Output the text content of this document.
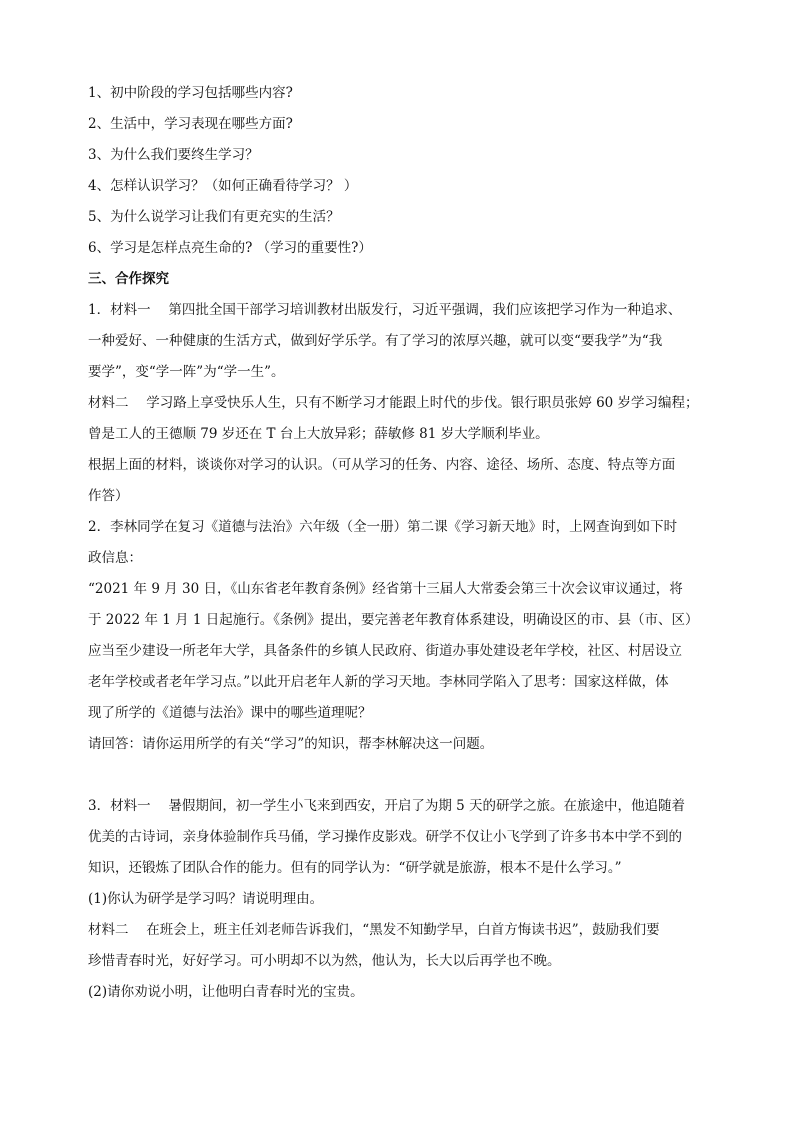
1、初中阶段的学习包括哪些内容?
2、生活中，学习表现在哪些方面?
3、为什么我们要终生学习？
4、怎样认识学习？（如何正确看待学习？ ）
5、为什么说学习让我们有更充实的生活？
6、学习是怎样点亮生命的? （学习的重要性?）
三、合作探究
1．材料一　 第四批全国干部学习培训教材出版发行，习近平强调，我们应该把学习作为一种追求、
一种爱好、一种健康的生活方式，做到好学乐学。有了学习的浓厚兴趣，就可以变“要我学”为“我
要学”，变“学一阵”为“学一生”。
材料二　 学习路上享受快乐人生，只有不断学习才能跟上时代的步伐。银行职员张婷 60 岁学习编程；
曾是工人的王德顺 79 岁还在 T 台上大放异彩；薛敏修 81 岁大学顺利毕业。
根据上面的材料，谈谈你对学习的认识。（可从学习的任务、内容、途径、场所、态度、特点等方面
作答）
2．李林同学在复习《道德与法治》六年级（全一册）第二课《学习新天地》时，上网查询到如下时
政信息：
“2021 年 9 月 30 日，《山东省老年教育条例》经省第十三届人大常委会第三十次会议审议通过，将
于 2022 年 1 月 1 日起施行。《条例》提出，要完善老年教育体系建设，明确设区的市、县（市、区）
应当至少建设一所老年大学，具备条件的乡镇人民政府、街道办事处建设老年学校，社区、村居设立
老年学校或者老年学习点。”以此开启老年人新的学习天地。李林同学陷入了思考：国家这样做，体
现了所学的《道德与法治》课中的哪些道理呢？
请回答：请你运用所学的有关“学习”的知识，帮李林解决这一问题。
3．材料一　 暑假期间，初一学生小飞来到西安，开启了为期 5 天的研学之旅。在旅途中，他追随着
优美的古诗词，亲身体验制作兵马俑，学习操作皮影戏。研学不仅让小飞学到了许多书本中学不到的
知识，还锻炼了团队合作的能力。但有的同学认为：“研学就是旅游，根本不是什么学习。”
(1)你认为研学是学习吗？请说明理由。
材料二　 在班会上，班主任刘老师告诉我们，“黑发不知勤学早，白首方悔读书迟”，鼓励我们要
珍惜青春时光，好好学习。可小明却不以为然，他认为，长大以后再学也不晚。
(2)请你劝说小明，让他明白青春时光的宝贵。
